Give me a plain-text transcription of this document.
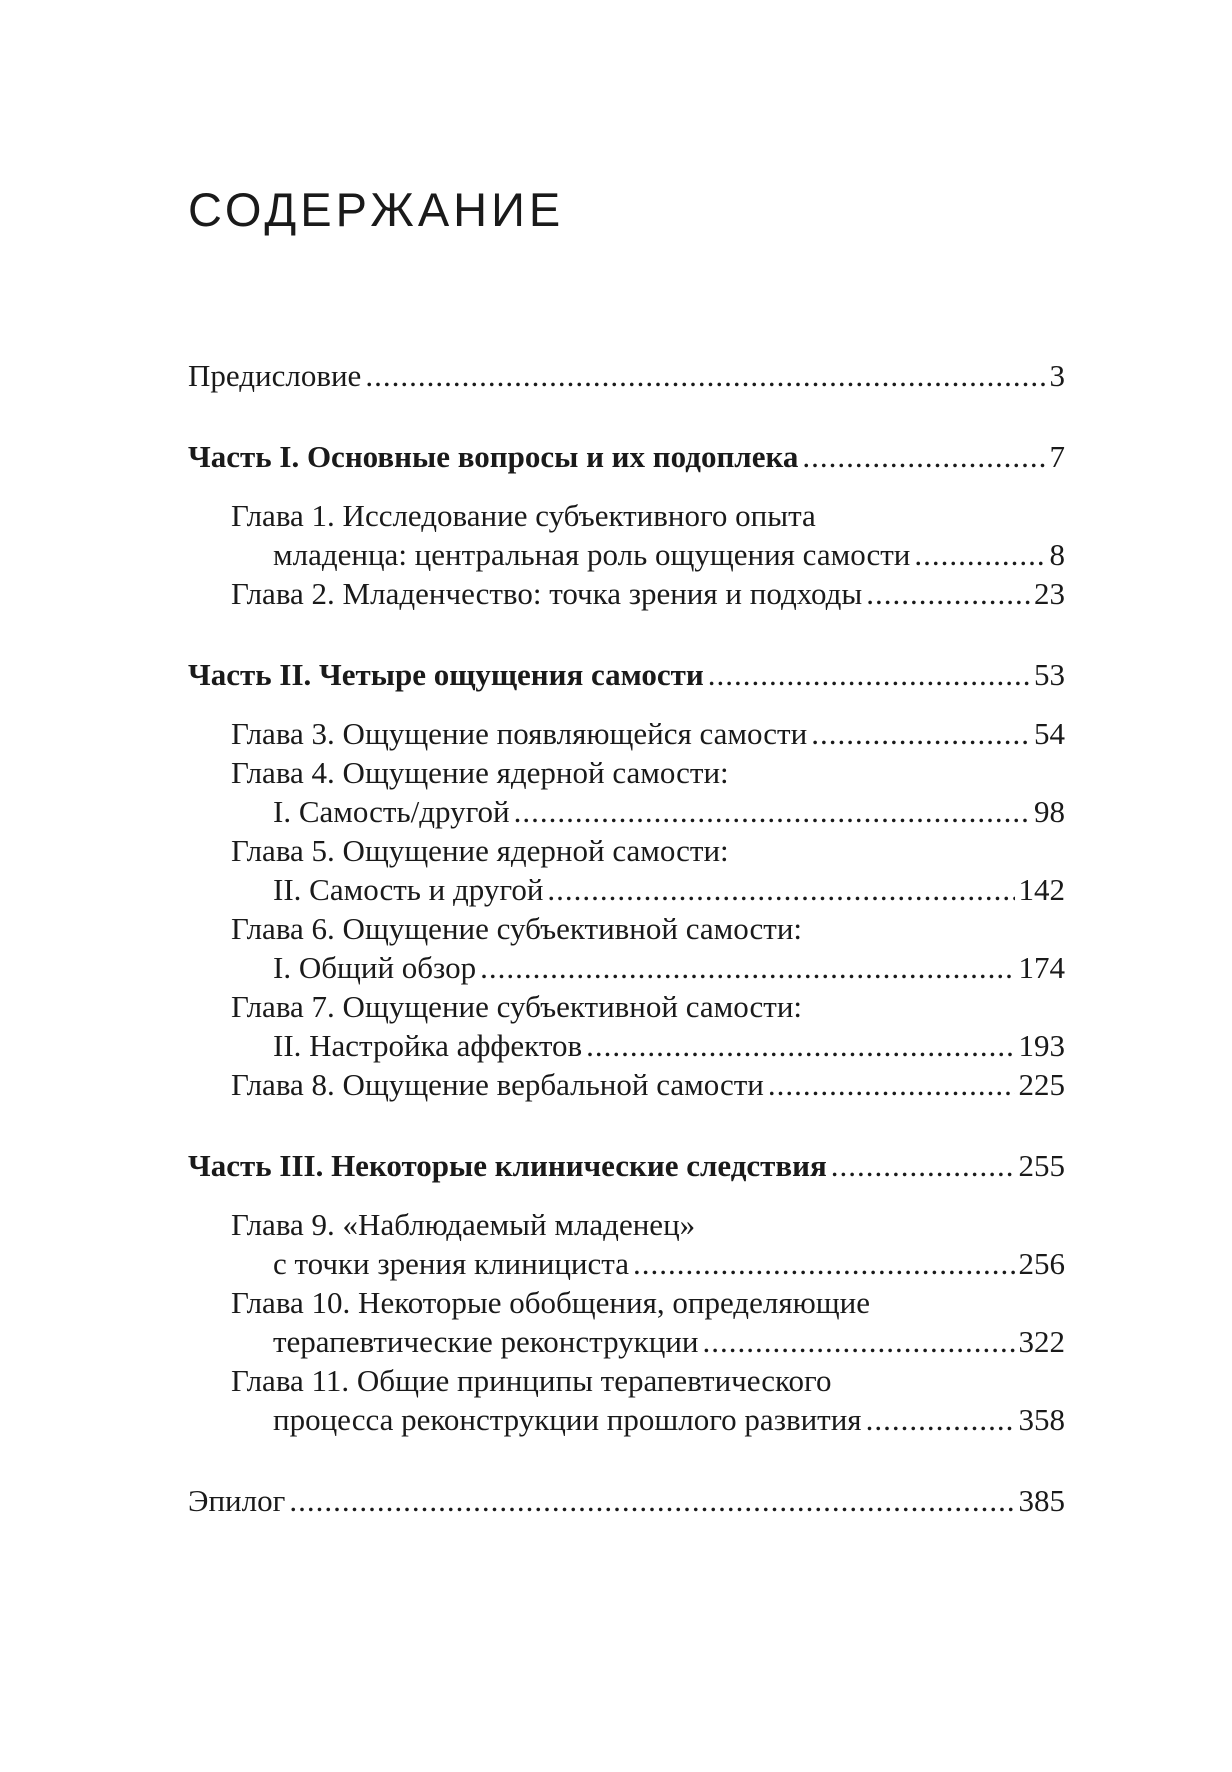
СОДЕРЖАНИЕ
Предисловие .....	3
Часть I. Основные вопросы и их подоплека .....	7
Глава 1. Исследование субъективного опыта
младенца: центральная роль ощущения самости .....	8
Глава 2. Младенчество: точка зрения и подходы .....	23
Часть II. Четыре ощущения самости .....	53
Глава 3. Ощущение появляющейся самости .....	54
Глава 4. Ощущение ядерной самости:
I. Самость/другой .....	98
Глава 5. Ощущение ядерной самости:
II. Самость и другой .....	142
Глава 6. Ощущение субъективной самости:
I. Общий обзор .....	174
Глава 7. Ощущение субъективной самости:
II. Настройка аффектов .....	193
Глава 8. Ощущение вербальной самости .....	225
Часть III. Некоторые клинические следствия .....	255
Глава 9. «Наблюдаемый младенец»
с точки зрения клинициста .....	256
Глава 10. Некоторые обобщения, определяющие
терапевтические реконструкции .....	322
Глава 11. Общие принципы терапевтического
процесса реконструкции прошлого развития .....	358
Эпилог .....	385
